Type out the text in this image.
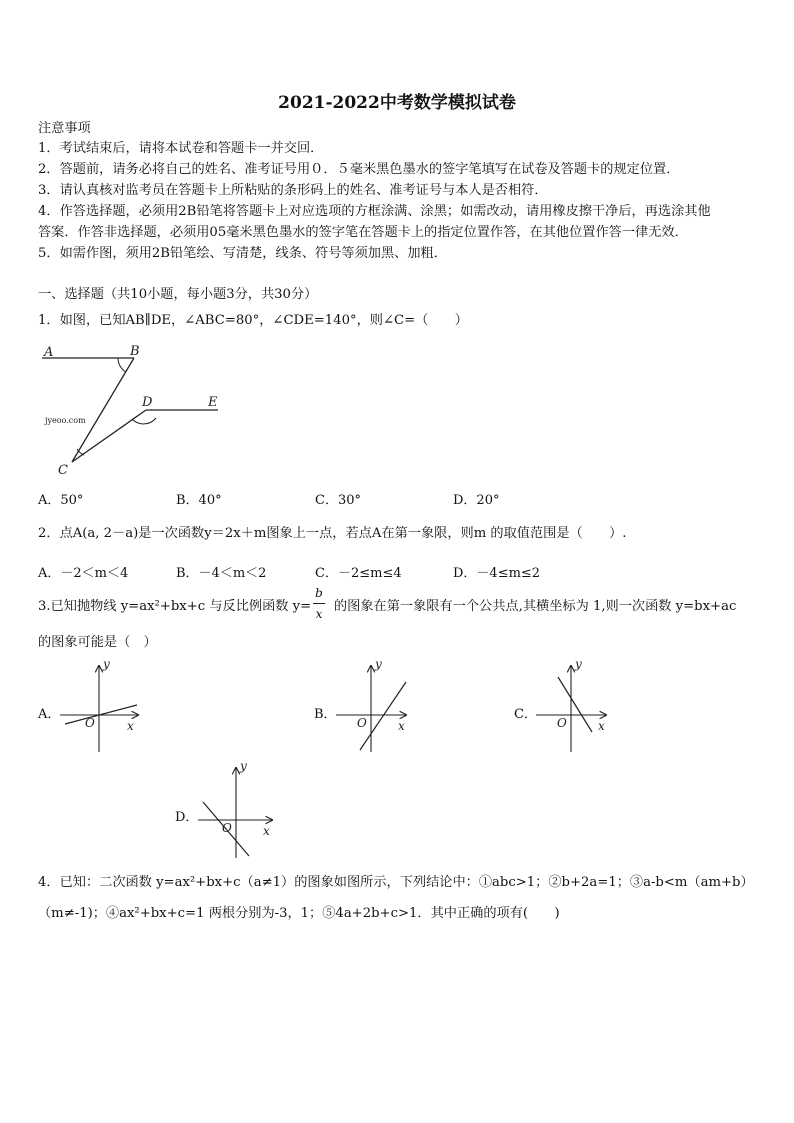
2021-2022中考数学模拟试卷
注意事项
1．考试结束后，请将本试卷和答题卡一并交回．
2．答题前，请务必将自己的姓名、准考证号用０．５毫米黑色墨水的签字笔填写在试卷及答题卡的规定位置．
3．请认真核对监考员在答题卡上所粘贴的条形码上的姓名、准考证号与本人是否相符．
4．作答选择题，必须用2B铅笔将答题卡上对应选项的方框涂满、涂黑；如需改动，请用橡皮擦干净后，再选涂其他
答案．作答非选择题，必须用05毫米黑色墨水的签字笔在答题卡上的指定位置作答，在其他位置作答一律无效．
5．如需作图，须用2B铅笔绘、写清楚，线条、符号等须加黑、加粗．
一、选择题（共10小题，每小题3分，共30分）
1．如图，已知AB∥DE，∠ABC=80°，∠CDE=140°，则∠C=（　　）
jyeoo.com
A	B
D	E
C
A．50°	B．40°	C．30°	D．20°
2．点A(a, 2－a)是一次函数y＝2x＋m图象上一点，若点A在第一象限，则m 的取值范围是（　　）.
A．－2＜m＜4	B．－4＜m＜2	C．－2≤m≤4	D．－4≤m≤2
3.已知抛物线 y=ax²+bx+c 与反比例函数 y=
b
x 的图象在第一象限有一个公共点,其横坐标为 1,则一次函数 y=bx+ac
的图象可能是（　）
A．	B．	C．
D．
O	x
y
O	x
y
O	x
y
O	x
y
4．已知：二次函数 y=ax²+bx+c（a≠1）的图象如图所示，下列结论中：①abc>1；②b+2a=1；③a-b<m（am+b）
（m≠-1)；④ax²+bx+c=1 两根分别为-3，1；⑤4a+2b+c>1．其中正确的项有(　　)
